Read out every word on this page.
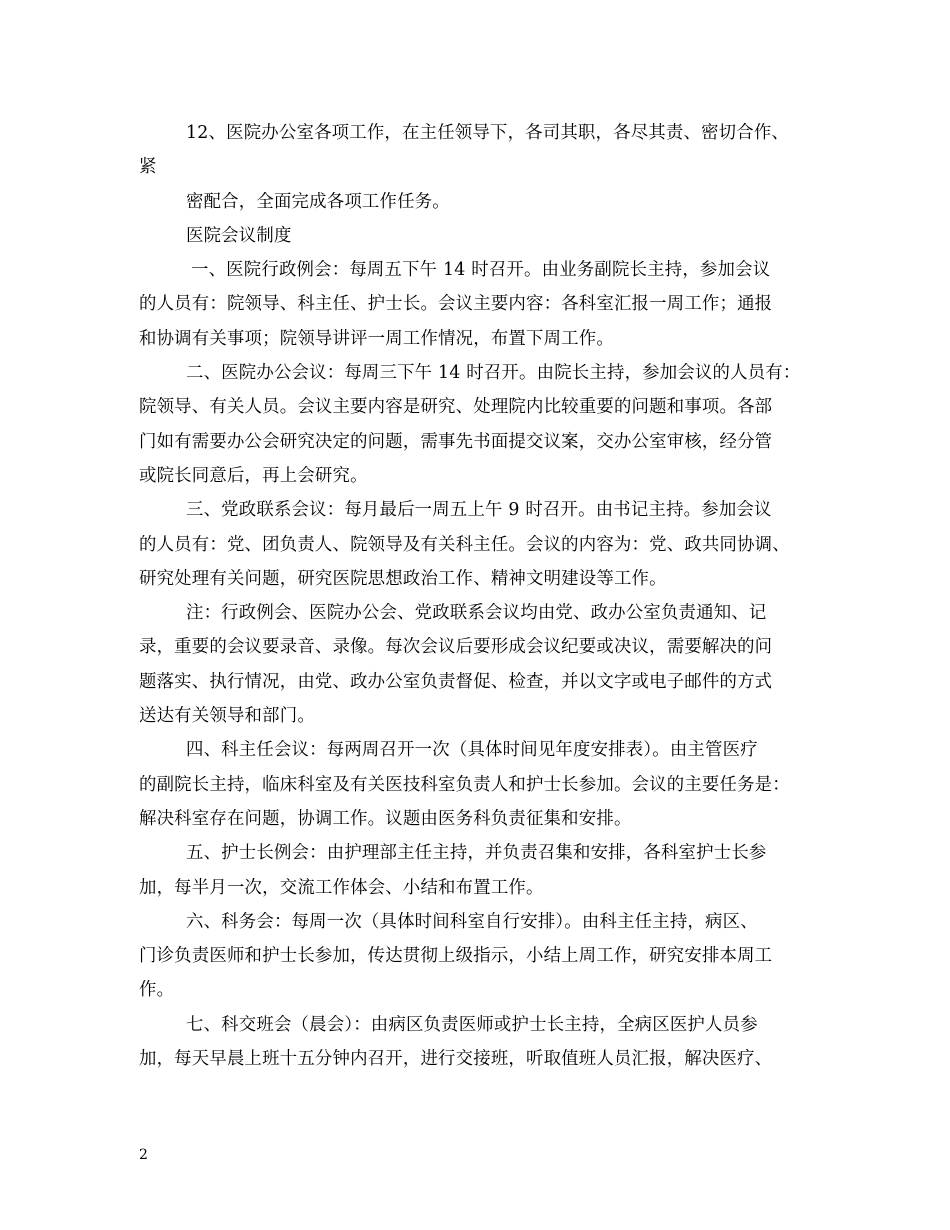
12、医院办公室各项工作，在主任领导下，各司其职，各尽其责、密切合作、
紧
密配合，全面完成各项工作任务。
医院会议制度
一、医院行政例会：每周五下午 14 时召开。由业务副院长主持，参加会议
的人员有：院领导、科主任、护士长。会议主要内容：各科室汇报一周工作；通报
和协调有关事项；院领导讲评一周工作情况，布置下周工作。
二、医院办公会议：每周三下午 14 时召开。由院长主持，参加会议的人员有：
院领导、有关人员。会议主要内容是研究、处理院内比较重要的问题和事项。各部
门如有需要办公会研究决定的问题，需事先书面提交议案，交办公室审核，经分管
或院长同意后，再上会研究。
三、党政联系会议：每月最后一周五上午 9 时召开。由书记主持。参加会议
的人员有：党、团负责人、院领导及有关科主任。会议的内容为：党、政共同协调、
研究处理有关问题，研究医院思想政治工作、精神文明建设等工作。
注：行政例会、医院办公会、党政联系会议均由党、政办公室负责通知、记
录，重要的会议要录音、录像。每次会议后要形成会议纪要或决议，需要解决的问
题落实、执行情况，由党、政办公室负责督促、检查，并以文字或电子邮件的方式
送达有关领导和部门。
四、科主任会议：每两周召开一次（具体时间见年度安排表）。由主管医疗
的副院长主持，临床科室及有关医技科室负责人和护士长参加。会议的主要任务是：
解决科室存在问题，协调工作。议题由医务科负责征集和安排。
五、护士长例会：由护理部主任主持，并负责召集和安排，各科室护士长参
加，每半月一次，交流工作体会、小结和布置工作。
六、科务会：每周一次（具体时间科室自行安排）。由科主任主持，病区、
门诊负责医师和护士长参加，传达贯彻上级指示，小结上周工作，研究安排本周工
作。
七、科交班会（晨会）：由病区负责医师或护士长主持，全病区医护人员参
加，每天早晨上班十五分钟内召开，进行交接班，听取值班人员汇报，解决医疗、
2
